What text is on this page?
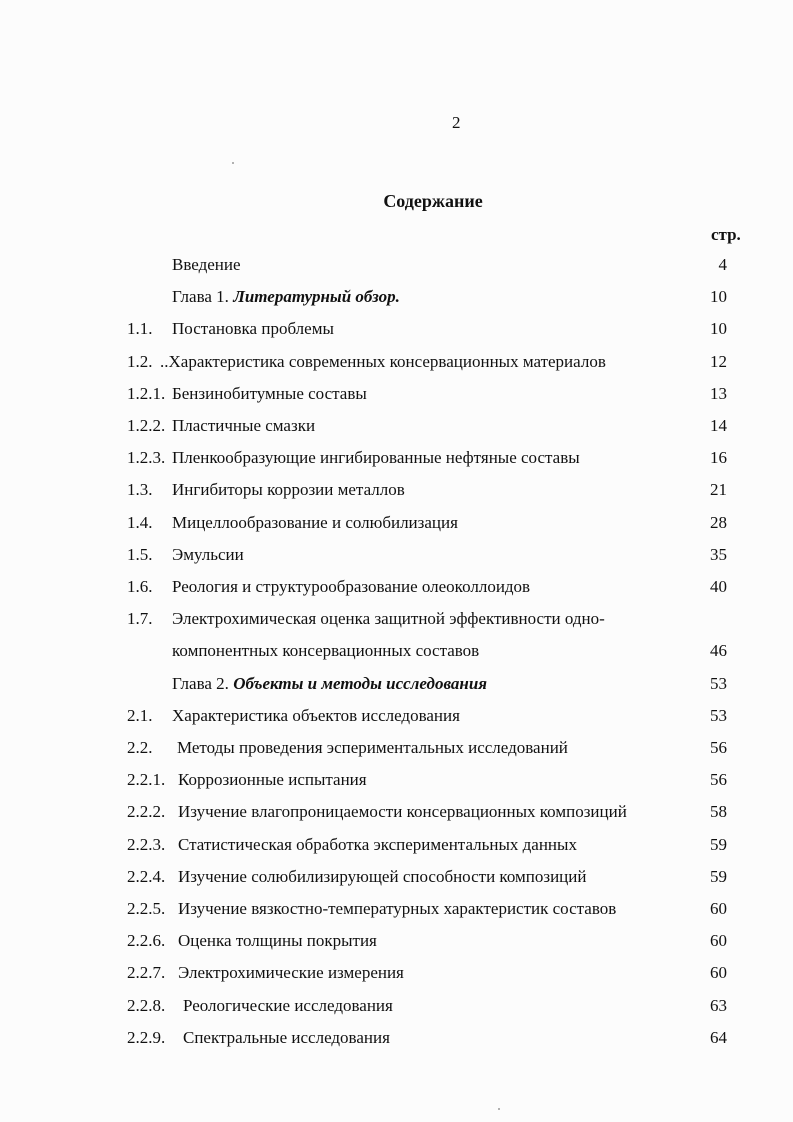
2
Содержание
стр.
Введение	4
Глава 1. Литературный обзор.	10
1.1. Постановка проблемы	10
1.2. ..Характеристика современных консервационных материалов	12
1.2.1. Бензинобитумные составы	13
1.2.2. Пластичные смазки	14
1.2.3. Пленкообразующие ингибированные нефтяные составы	16
1.3. Ингибиторы коррозии металлов	21
1.4. Мицеллообразование и солюбилизация	28
1.5. Эмульсии	35
1.6. Реология и структурообразование олеоколлоидов	40
1.7. Электрохимическая оценка защитной эффективности одно-
компонентных консервационных составов	46
Глава 2. Объекты и методы исследования	53
2.1. Характеристика объектов исследования	53
2.2. Методы проведения эспериментальных исследований	56
2.2.1. Коррозионные испытания	56
2.2.2. Изучение влагопроницаемости консервационных композиций	58
2.2.3. Статистическая обработка экспериментальных данных	59
2.2.4. Изучение солюбилизирующей способности композиций	59
2.2.5. Изучение вязкостно-температурных характеристик составов	60
2.2.6. Оценка толщины покрытия	60
2.2.7. Электрохимические измерения	60
2.2.8. Реологические исследования	63
2.2.9. Спектральные исследования	64
